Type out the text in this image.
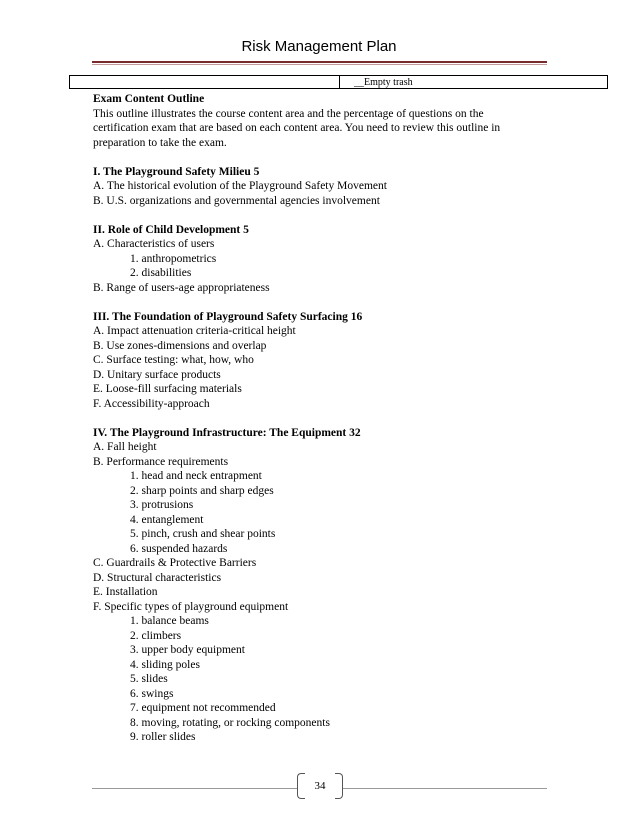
Risk Management Plan
__Empty trash

Exam Content Outline

This outline illustrates the course content area and the percentage of questions on the

certification exam that are based on each content area. You need to review this outline in

preparation to take the exam.

I. The Playground Safety Milieu 5

A. The historical evolution of the Playground Safety Movement

B. U.S. organizations and governmental agencies involvement

II. Role of Child Development 5

A. Characteristics of users

1. anthropometrics

2. disabilities

B. Range of users-age appropriateness

III. The Foundation of Playground Safety Surfacing 16

A. Impact attenuation criteria-critical height

B. Use zones-dimensions and overlap

C. Surface testing: what, how, who

D. Unitary surface products

E. Loose-fill surfacing materials

F. Accessibility-approach

IV. The Playground Infrastructure: The Equipment 32

A. Fall height

B. Performance requirements

1. head and neck entrapment

2. sharp points and sharp edges

3. protrusions

4. entanglement

5. pinch, crush and shear points

6. suspended hazards

C. Guardrails & Protective Barriers

D. Structural characteristics

E. Installation

F. Specific types of playground equipment

1. balance beams

2. climbers

3. upper body equipment

4. sliding poles

5. slides

6. swings

7. equipment not recommended

8. moving, rotating, or rocking components

9. roller slides

34
